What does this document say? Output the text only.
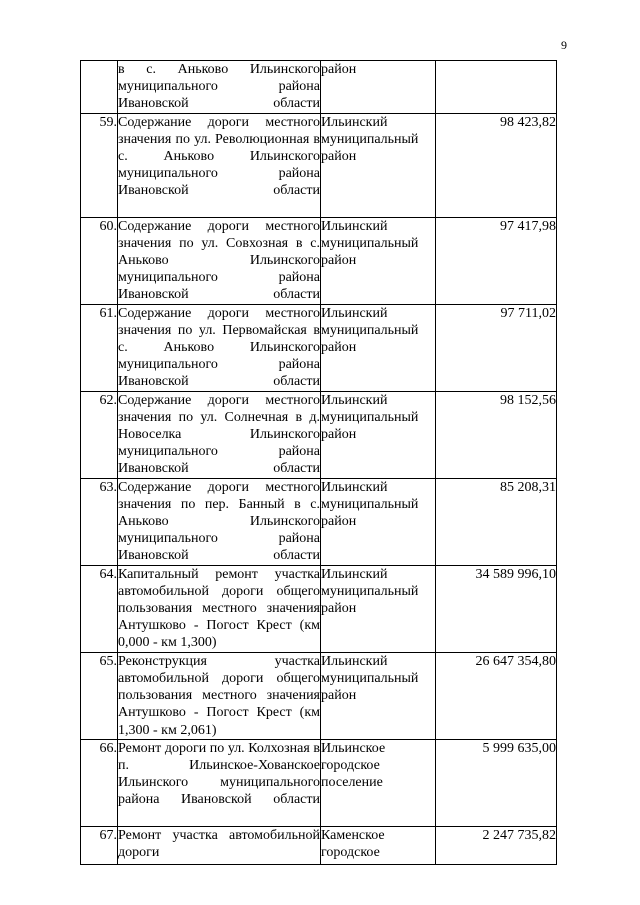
9
	в с. Аньково Ильинского муниципального района Ивановской области	район	
59.	Содержание дороги местного значения по ул. Революционная в с. Аньково Ильинского муниципального района Ивановской области	Ильинский муниципальный район	98 423,82
60.	Содержание дороги местного значения по ул. Совхозная в с. Аньково Ильинского муниципального района Ивановской области	Ильинский муниципальный район	97 417,98
61.	Содержание дороги местного значения по ул. Первомайская в с. Аньково Ильинского муниципального района Ивановской области	Ильинский муниципальный район	97 711,02
62.	Содержание дороги местного значения по ул. Солнечная в д. Новоселка Ильинского муниципального района Ивановской области	Ильинский муниципальный район	98 152,56
63.	Содержание дороги местного значения по пер. Банный в с. Аньково Ильинского муниципального района Ивановской области	Ильинский муниципальный район	85 208,31
64.	Капитальный ремонт участка автомобильной дороги общего пользования местного значения Антушково - Погост Крест (км 0,000 - км 1,300)	Ильинский муниципальный район	34 589 996,10
65.	Реконструкция участка автомобильной дороги общего пользования местного значения Антушково - Погост Крест (км 1,300 - км 2,061)	Ильинский муниципальный район	26 647 354,80
66.	Ремонт дороги по ул. Колхозная в п. Ильинское-Хованское Ильинского муниципального района Ивановской области	Ильинское городское поселение	5 999 635,00
67.	Ремонт участка автомобильной дороги	Каменское городское	2 247 735,82
